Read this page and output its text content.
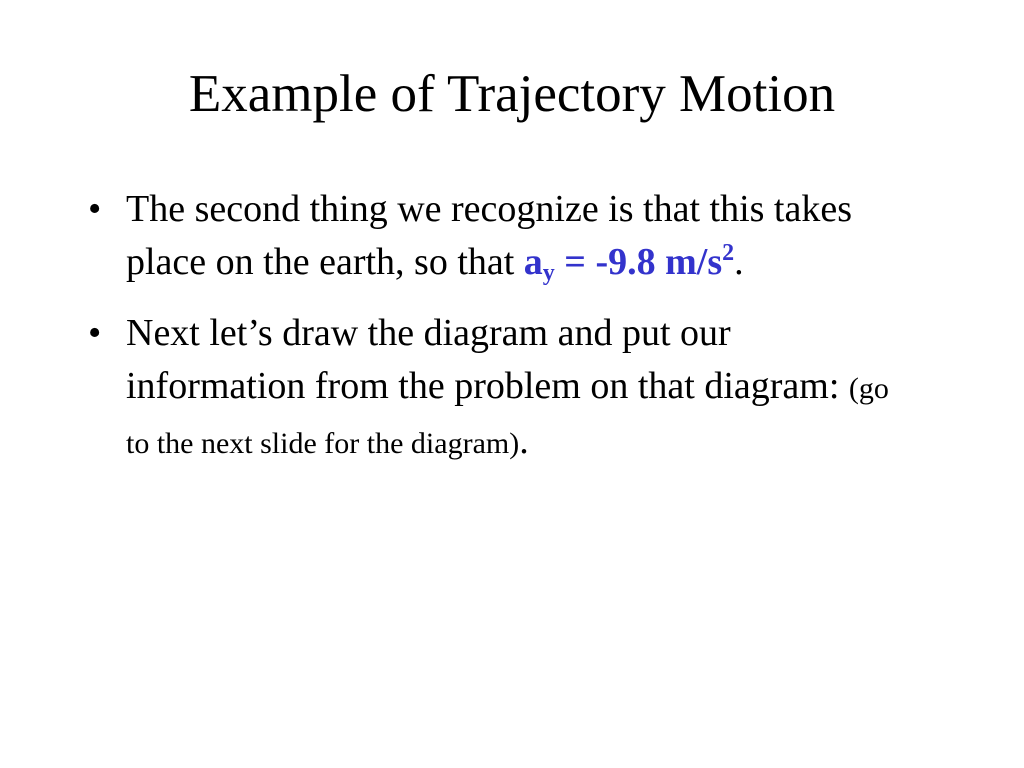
Example of Trajectory Motion
• The second thing we recognize is that this takes place on the earth, so that $a_y = -9.8$ $m/s^2$.
• Next let’s draw the diagram and put our information from the problem on that diagram: (go to the next slide for the diagram).
